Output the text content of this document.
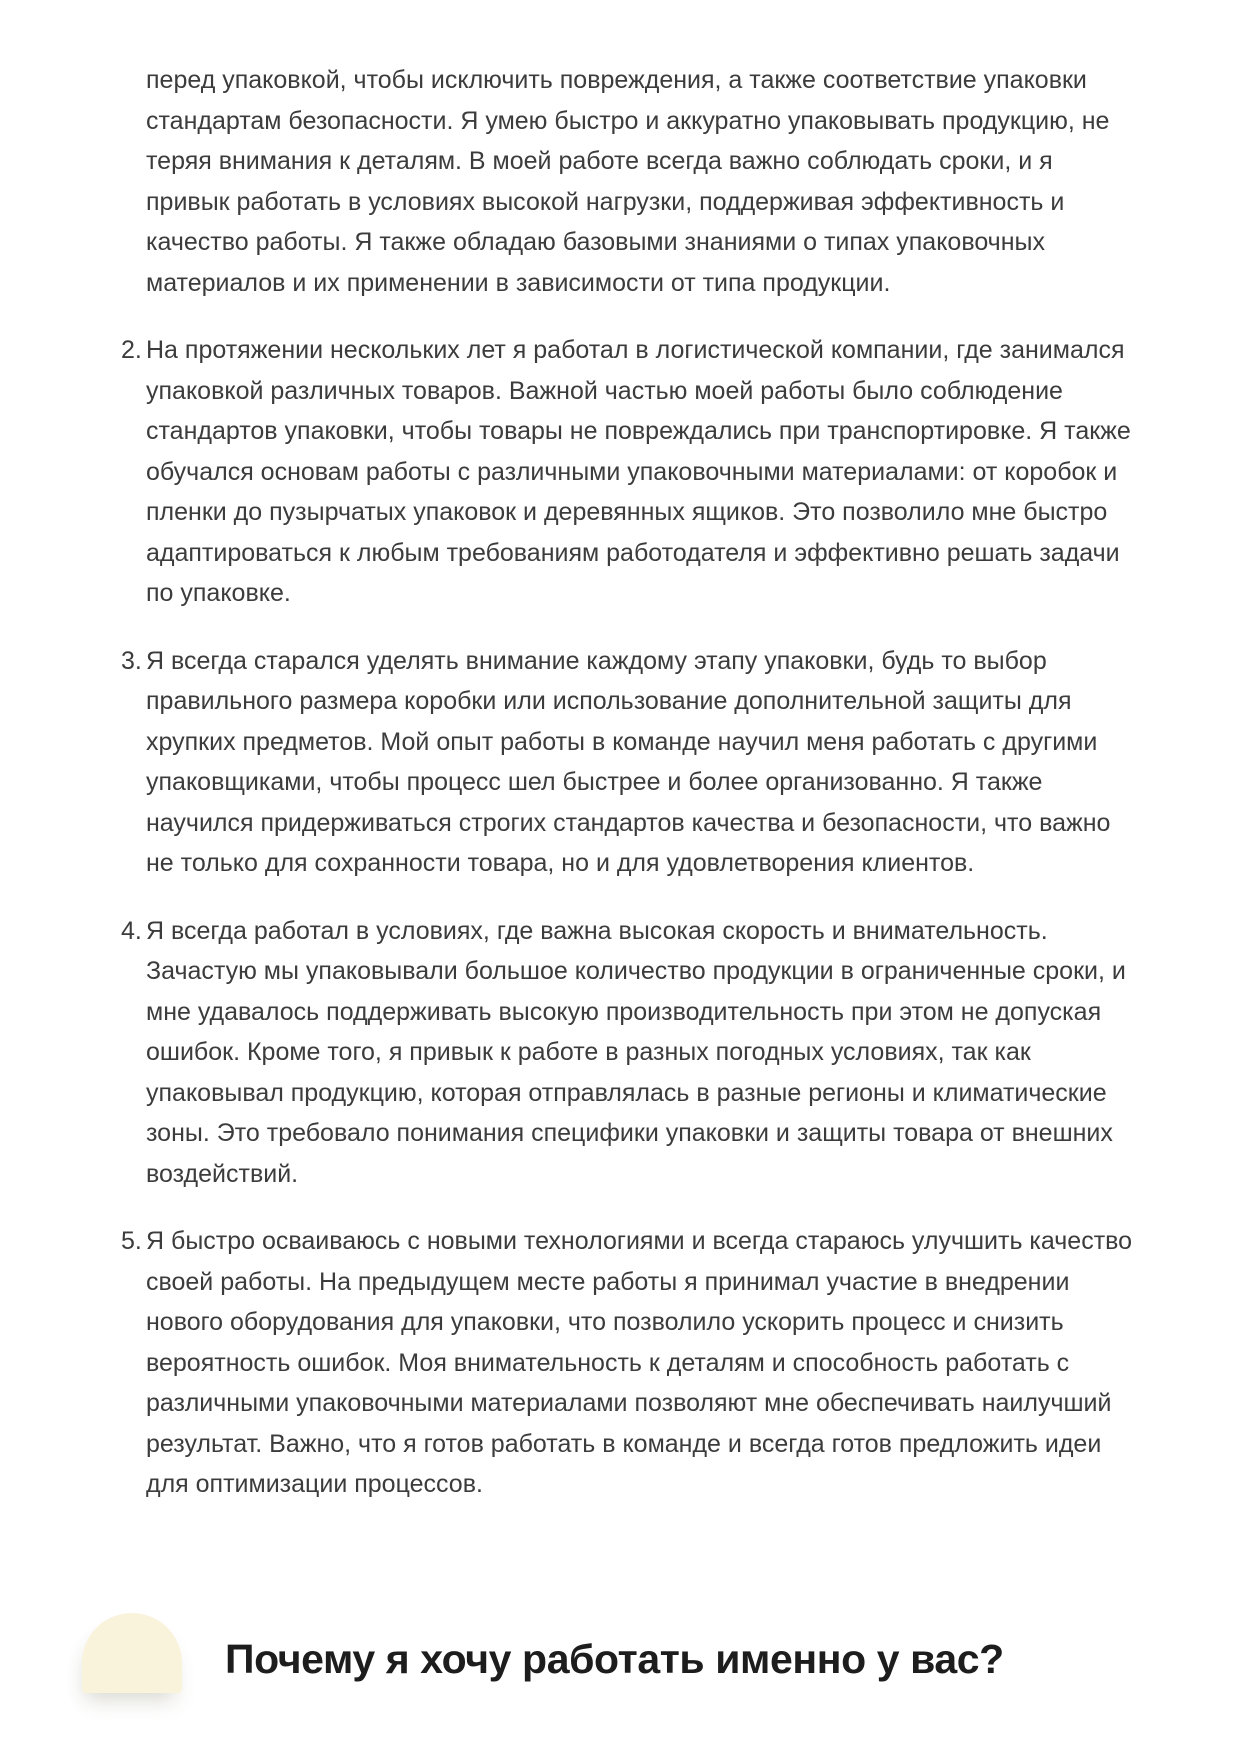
перед упаковкой, чтобы исключить повреждения, а также соответствие упаковки стандартам безопасности. Я умею быстро и аккуратно упаковывать продукцию, не теряя внимания к деталям. В моей работе всегда важно соблюдать сроки, и я привык работать в условиях высокой нагрузки, поддерживая эффективность и качество работы. Я также обладаю базовыми знаниями о типах упаковочных материалов и их применении в зависимости от типа продукции.

2. На протяжении нескольких лет я работал в логистической компании, где занимался упаковкой различных товаров. Важной частью моей работы было соблюдение стандартов упаковки, чтобы товары не повреждались при транспортировке. Я также обучался основам работы с различными упаковочными материалами: от коробок и пленки до пузырчатых упаковок и деревянных ящиков. Это позволило мне быстро адаптироваться к любым требованиям работодателя и эффективно решать задачи по упаковке.

3. Я всегда старался уделять внимание каждому этапу упаковки, будь то выбор правильного размера коробки или использование дополнительной защиты для хрупких предметов. Мой опыт работы в команде научил меня работать с другими упаковщиками, чтобы процесс шел быстрее и более организованно. Я также научился придерживаться строгих стандартов качества и безопасности, что важно не только для сохранности товара, но и для удовлетворения клиентов.

4. Я всегда работал в условиях, где важна высокая скорость и внимательность. Зачастую мы упаковывали большое количество продукции в ограниченные сроки, и мне удавалось поддерживать высокую производительность при этом не допуская ошибок. Кроме того, я привык к работе в разных погодных условиях, так как упаковывал продукцию, которая отправлялась в разные регионы и климатические зоны. Это требовало понимания специфики упаковки и защиты товара от внешних воздействий.

5. Я быстро осваиваюсь с новыми технологиями и всегда стараюсь улучшить качество своей работы. На предыдущем месте работы я принимал участие в внедрении нового оборудования для упаковки, что позволило ускорить процесс и снизить вероятность ошибок. Моя внимательность к деталям и способность работать с различными упаковочными материалами позволяют мне обеспечивать наилучший результат. Важно, что я готов работать в команде и всегда готов предложить идеи для оптимизации процессов.

Почему я хочу работать именно у вас?
